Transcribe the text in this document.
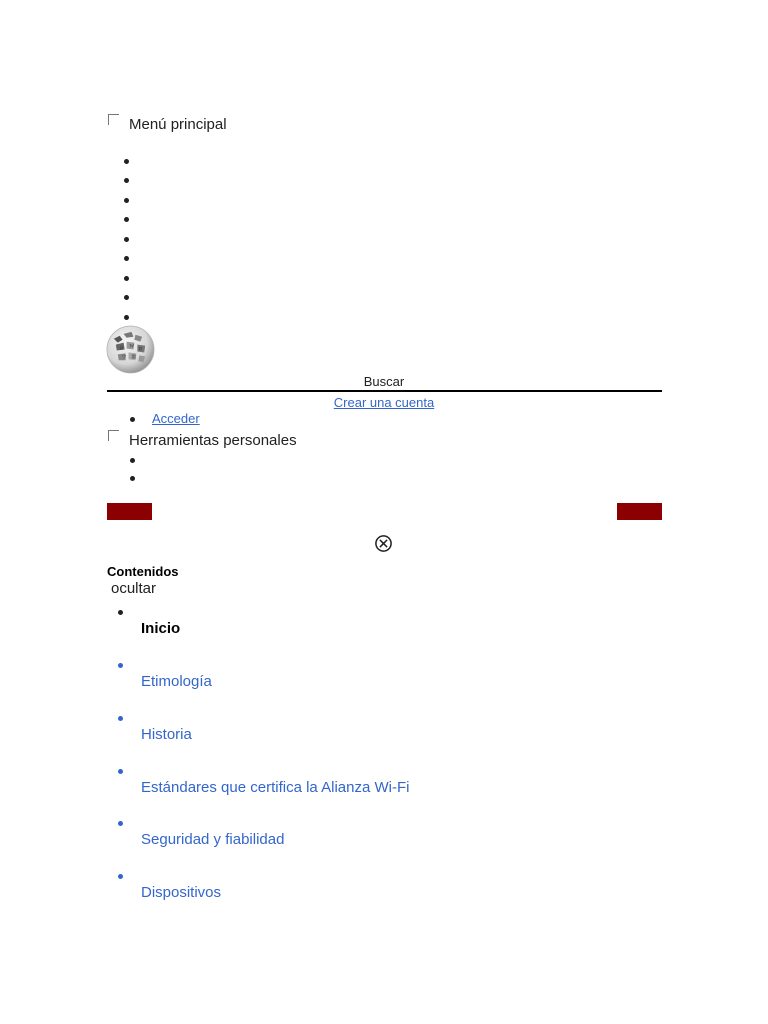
Menú principal
Ω W
И
ウ 維
Buscar
Crear una cuenta
Acceder
Herramientas personales
Contenidos
ocultar
Inicio
Etimología
Historia
Estándares que certifica la Alianza Wi-Fi
Seguridad y fiabilidad
Dispositivos
